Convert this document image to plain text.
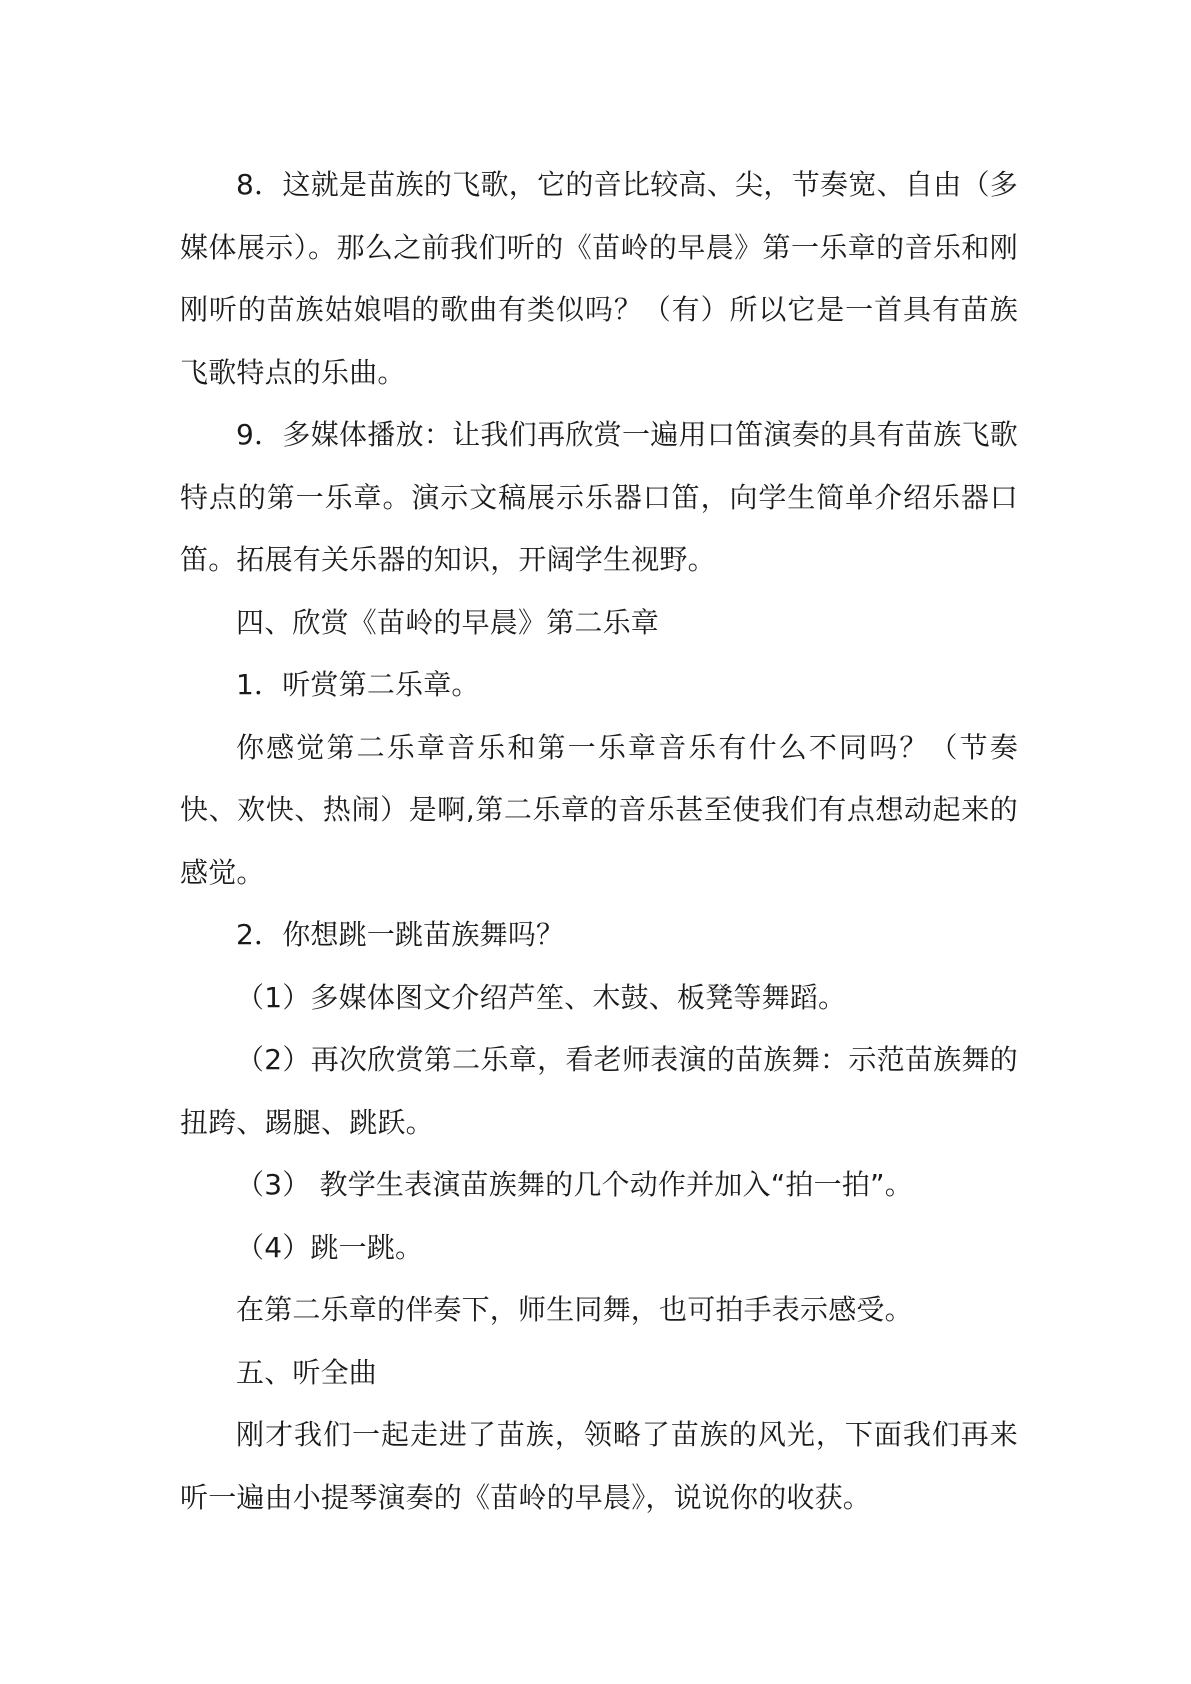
8．这就是苗族的飞歌，它的音比较高、尖，节奏宽、自由（多媒体展示）。那么之前我们听的《苗岭的早晨》第一乐章的音乐和刚刚听的苗族姑娘唱的歌曲有类似吗？（有）所以它是一首具有苗族飞歌特点的乐曲。

9．多媒体播放：让我们再欣赏一遍用口笛演奏的具有苗族飞歌特点的第一乐章。演示文稿展示乐器口笛，向学生简单介绍乐器口笛。拓展有关乐器的知识，开阔学生视野。

四、欣赏《苗岭的早晨》第二乐章

1．听赏第二乐章。

你感觉第二乐章音乐和第一乐章音乐有什么不同吗？（节奏快、欢快、热闹）是啊,第二乐章的音乐甚至使我们有点想动起来的感觉。

2．你想跳一跳苗族舞吗？

（1）多媒体图文介绍芦笙、木鼓、板凳等舞蹈。

（2）再次欣赏第二乐章，看老师表演的苗族舞：示范苗族舞的扭跨、踢腿、跳跃。

（3） 教学生表演苗族舞的几个动作并加入“拍一拍”。

（4）跳一跳。

在第二乐章的伴奏下，师生同舞，也可拍手表示感受。

五、听全曲

刚才我们一起走进了苗族，领略了苗族的风光，下面我们再来听一遍由小提琴演奏的《苗岭的早晨》，说说你的收获。
